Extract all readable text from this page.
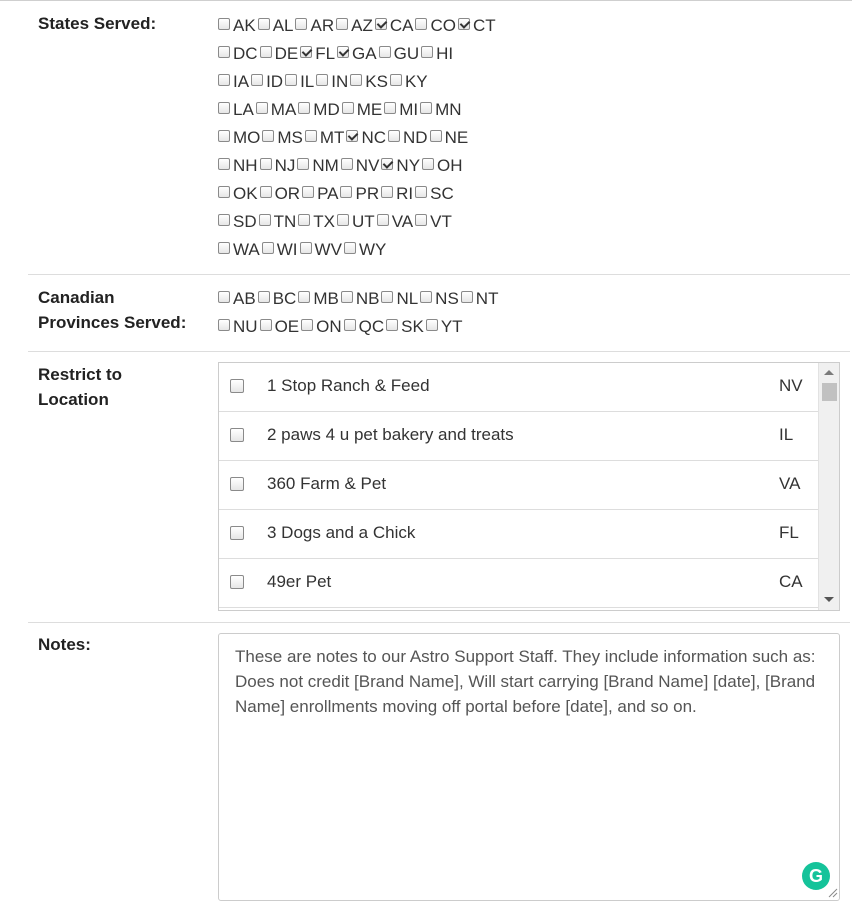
States Served:	AK AL AR AZ CA CO CT
DC DE FL GA GU HI
IA ID IL IN KS KY
LA MA MD ME MI MN
MO MS MT NC ND NE
NH NJ NM NV NY OH
OK OR PA PR RI SC
SD TN TX UT VA VT
WA WI WV WY
Canadian
Provinces Served:
AB BC MB NB NL NS NT
NU OE ON QC SK YT
Restrict to
Location
1 Stop Ranch & Feed	NV
2 paws 4 u pet bakery and treats	IL
360 Farm & Pet	VA
3 Dogs and a Chick	FL
49er Pet	CA
Notes:
These are notes to our Astro Support Staff. They include information such as: Does not credit [Brand Name], Will start carrying [Brand Name] [date], [Brand Name] enrollments moving off portal before [date], and so on.
G
